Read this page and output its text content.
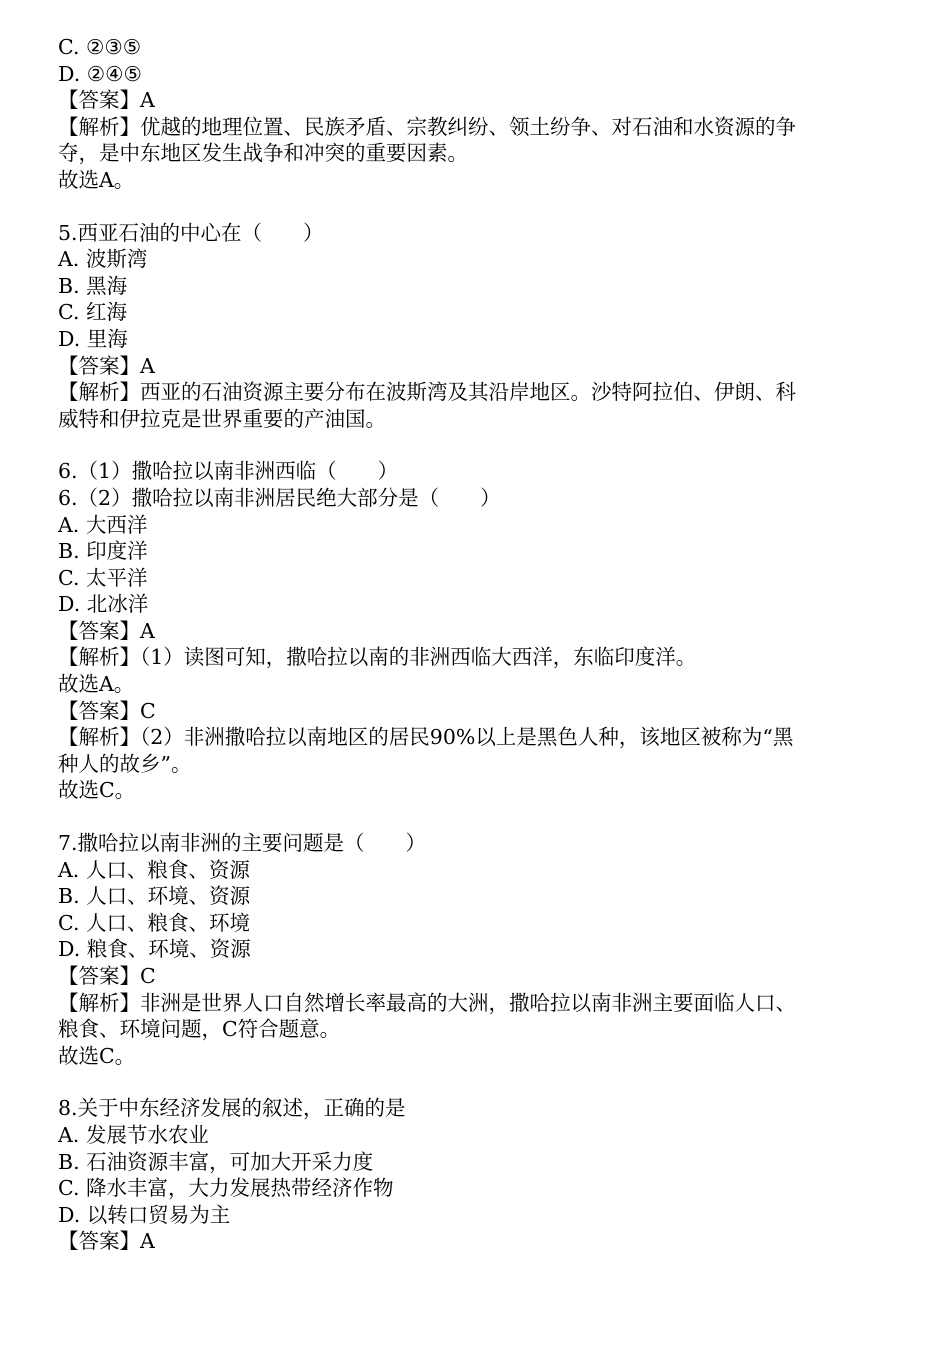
C. ②③⑤
D. ②④⑤
【答案】A
【解析】优越的地理位置、民族矛盾、宗教纠纷、领土纷争、对石油和水资源的争
夺，是中东地区发生战争和冲突的重要因素。
故选A。
5.西亚石油的中心在（　　）
A. 波斯湾
B. 黑海
C. 红海
D. 里海
【答案】A
【解析】西亚的石油资源主要分布在波斯湾及其沿岸地区。沙特阿拉伯、伊朗、科
威特和伊拉克是世界重要的产油国。
6.（1）撒哈拉以南非洲西临（　　）
6.（2）撒哈拉以南非洲居民绝大部分是（　　）
A. 大西洋
B. 印度洋
C. 太平洋
D. 北冰洋
【答案】A
【解析】（1）读图可知，撒哈拉以南的非洲西临大西洋，东临印度洋。
故选A。
【答案】C
【解析】（2）非洲撒哈拉以南地区的居民90%以上是黑色人种，该地区被称为“黑
种人的故乡”。
故选C。
7.撒哈拉以南非洲的主要问题是（　　）
A. 人口、粮食、资源
B. 人口、环境、资源
C. 人口、粮食、环境
D. 粮食、环境、资源
【答案】C
【解析】非洲是世界人口自然增长率最高的大洲，撒哈拉以南非洲主要面临人口、
粮食、环境问题，C符合题意。
故选C。
8.关于中东经济发展的叙述，正确的是
A. 发展节水农业
B. 石油资源丰富，可加大开采力度
C. 降水丰富，大力发展热带经济作物
D. 以转口贸易为主
【答案】A
